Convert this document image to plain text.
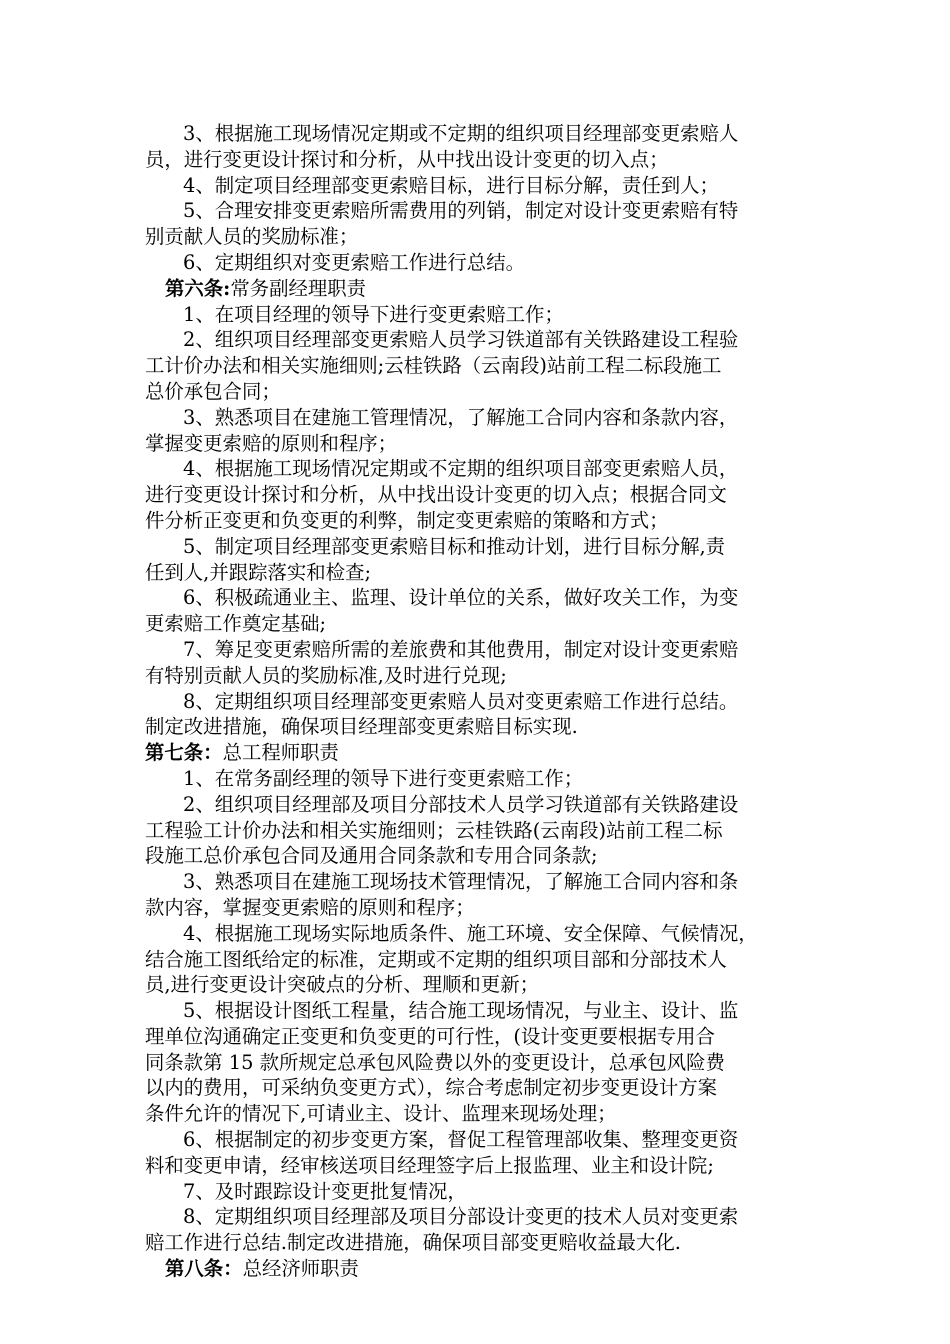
3、根据施工现场情况定期或不定期的组织项目经理部变更索赔人

员，进行变更设计探讨和分析，从中找出设计变更的切入点；

4、制定项目经理部变更索赔目标，进行目标分解，责任到人；

5、合理安排变更索赔所需费用的列销，制定对设计变更索赔有特

别贡献人员的奖励标准；

6、定期组织对变更索赔工作进行总结。

第六条:常务副经理职责

1、在项目经理的领导下进行变更索赔工作；

2、组织项目经理部变更索赔人员学习铁道部有关铁路建设工程验

工计价办法和相关实施细则;云桂铁路（云南段)站前工程二标段施工

总价承包合同；

3、熟悉项目在建施工管理情况，了解施工合同内容和条款内容，

掌握变更索赔的原则和程序；

4、根据施工现场情况定期或不定期的组织项目部变更索赔人员，

进行变更设计探讨和分析，从中找出设计变更的切入点；根据合同文

件分析正变更和负变更的利弊，制定变更索赔的策略和方式；

5、制定项目经理部变更索赔目标和推动计划，进行目标分解,责

任到人,并跟踪落实和检查;

6、积极疏通业主、监理、设计单位的关系，做好攻关工作，为变

更索赔工作奠定基础;

7、筹足变更索赔所需的差旅费和其他费用，制定对设计变更索赔

有特别贡献人员的奖励标准,及时进行兑现;

8、定期组织项目经理部变更索赔人员对变更索赔工作进行总结。

制定改进措施，确保项目经理部变更索赔目标实现.

第七条：总工程师职责

1、在常务副经理的领导下进行变更索赔工作；

2、组织项目经理部及项目分部技术人员学习铁道部有关铁路建设

工程验工计价办法和相关实施细则；云桂铁路(云南段)站前工程二标

段施工总价承包合同及通用合同条款和专用合同条款;

3、熟悉项目在建施工现场技术管理情况，了解施工合同内容和条

款内容，掌握变更索赔的原则和程序；

4、根据施工现场实际地质条件、施工环境、安全保障、气候情况，

结合施工图纸给定的标准，定期或不定期的组织项目部和分部技术人

员,进行变更设计突破点的分析、理顺和更新；

5、根据设计图纸工程量，结合施工现场情况，与业主、设计、监

理单位沟通确定正变更和负变更的可行性，(设计变更要根据专用合

同条款第 15 款所规定总承包风险费以外的变更设计，总承包风险费

以内的费用，可采纳负变更方式），综合考虑制定初步变更设计方案

条件允许的情况下,可请业主、设计、监理来现场处理；

6、根据制定的初步变更方案，督促工程管理部收集、整理变更资

料和变更申请，经审核送项目经理签字后上报监理、业主和设计院;

7、及时跟踪设计变更批复情况，

8、定期组织项目经理部及项目分部设计变更的技术人员对变更索

赔工作进行总结.制定改进措施，确保项目部变更赔收益最大化.

第八条：总经济师职责
